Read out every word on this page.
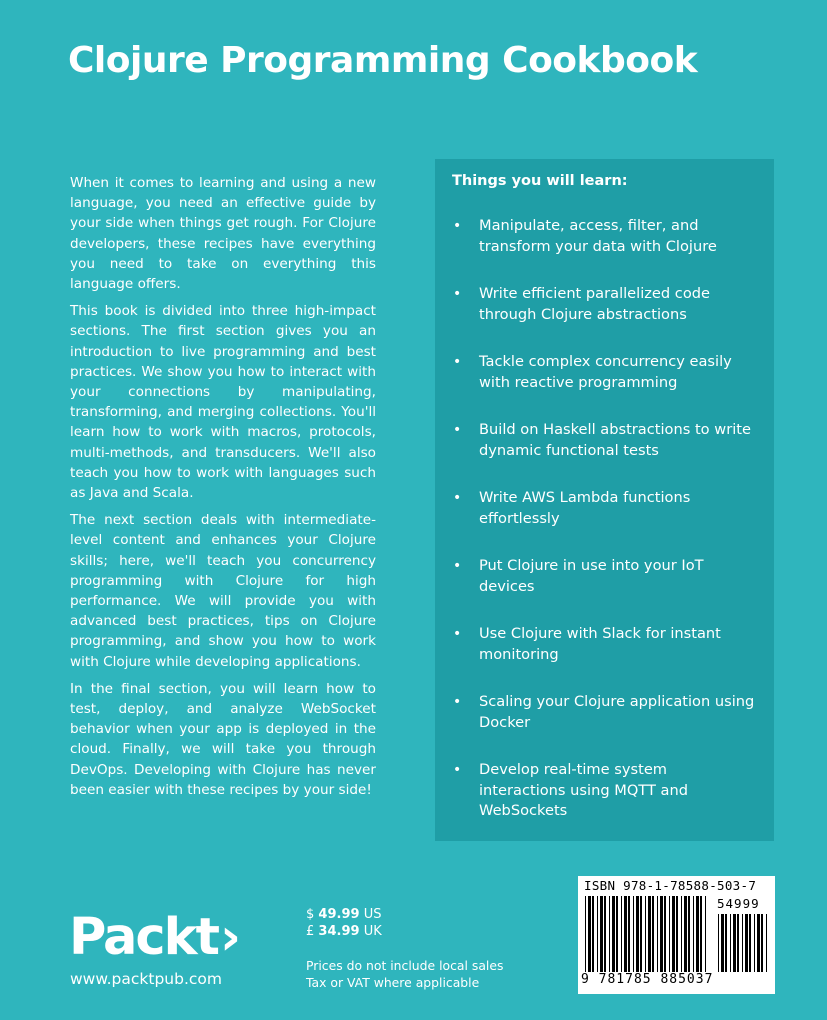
Clojure Programming Cookbook

When it comes to learning and using a new language, you need an effective guide by your side when things get rough. For Clojure developers, these recipes have everything you need to take on everything this language offers.

This book is divided into three high-impact sections. The first section gives you an introduction to live programming and best practices. We show you how to interact with your connections by manipulating, transforming, and merging collections. You'll learn how to work with macros, protocols, multi-methods, and transducers. We'll also teach you how to work with languages such as Java and Scala.

The next section deals with intermediate-level content and enhances your Clojure skills; here, we'll teach you concurrency programming with Clojure for high performance. We will provide you with advanced best practices, tips on Clojure programming, and show you how to work with Clojure while developing applications.

In the final section, you will learn how to test, deploy, and analyze WebSocket behavior when your app is deployed in the cloud. Finally, we will take you through DevOps. Developing with Clojure has never been easier with these recipes by your side!

Things you will learn:
• Manipulate, access, filter, and transform your data with Clojure
• Write efficient parallelized code through Clojure abstractions
• Tackle complex concurrency easily with reactive programming
• Build on Haskell abstractions to write dynamic functional tests
• Write AWS Lambda functions effortlessly
• Put Clojure in use into your IoT devices
• Use Clojure with Slack for instant monitoring
• Scaling your Clojure application using Docker
• Develop real-time system interactions using MQTT and WebSockets
Packt›
www.packtpub.com
$ 49.99 US
£ 34.99 UK
Prices do not include local sales
Tax or VAT where applicable
ISBN 978-1-78588-503-7
54999
9 781785 885037
